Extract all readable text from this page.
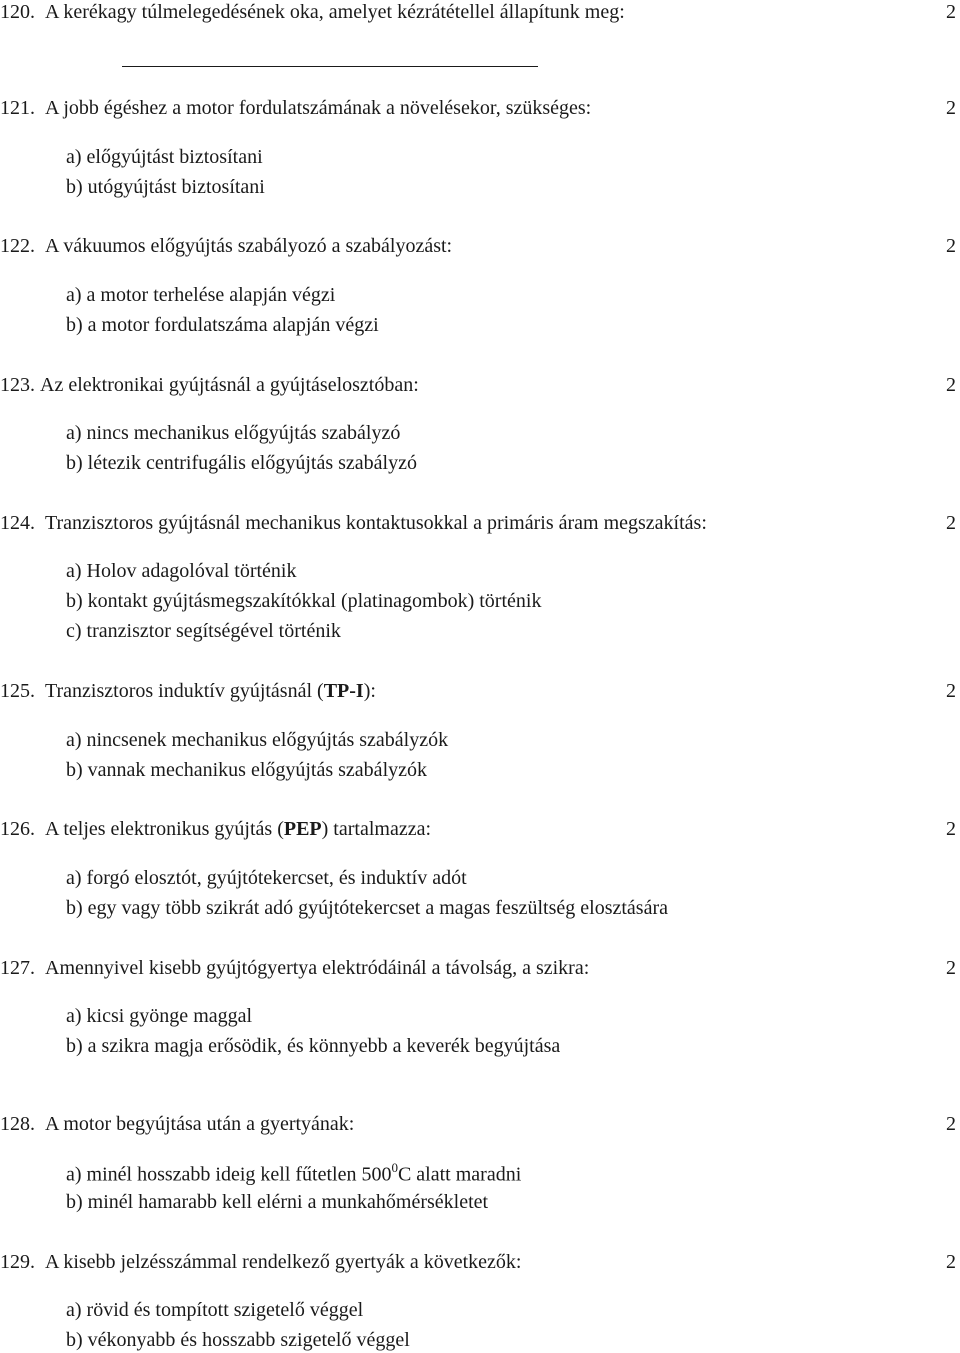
120. A kerékagy túlmelegedésének oka, amelyet kézrátétellel állapítunk meg:	2
121. A jobb égéshez a motor fordulatszámának a növelésekor, szükséges:	2
a) előgyújtást biztosítani
b) utógyújtást biztosítani
122. A vákuumos előgyújtás szabályozó a szabályozást:	2
a) a motor terhelése alapján végzi
b) a motor fordulatszáma alapján végzi
123. Az elektronikai gyújtásnál a gyújtáselosztóban:	2
a) nincs mechanikus előgyújtás szabályzó
b) létezik centrifugális előgyújtás szabályzó
124. Tranzisztoros gyújtásnál mechanikus kontaktusokkal a primáris áram megszakítás:	2
a) Holov adagolóval történik
b) kontakt gyújtásmegszakítókkal (platinagombok) történik
c) tranzisztor segítségével történik
125. Tranzisztoros induktív gyújtásnál (TP-I):	2
a) nincsenek mechanikus előgyújtás szabályzók
b) vannak mechanikus előgyújtás szabályzók
126. A teljes elektronikus gyújtás (PEP) tartalmazza:	2
a) forgó elosztót, gyújtótekercset, és induktív adót
b) egy vagy több szikrát adó gyújtótekercset a magas feszültség elosztására
127. Amennyivel kisebb gyújtógyertya elektródáinál a távolság, a szikra:	2
a) kicsi gyönge maggal
b) a szikra magja erősödik, és könnyebb a keverék begyújtása
128. A motor begyújtása után a gyertyának:	2
a) minél hosszabb ideig kell fűtetlen $500^0C$ alatt maradni
b) minél hamarabb kell elérni a munkahőmérsékletet
129. A kisebb jelzésszámmal rendelkező gyertyák a következők:	2
a) rövid és tompított szigetelő véggel
b) vékonyabb és hosszabb szigetelő véggel
